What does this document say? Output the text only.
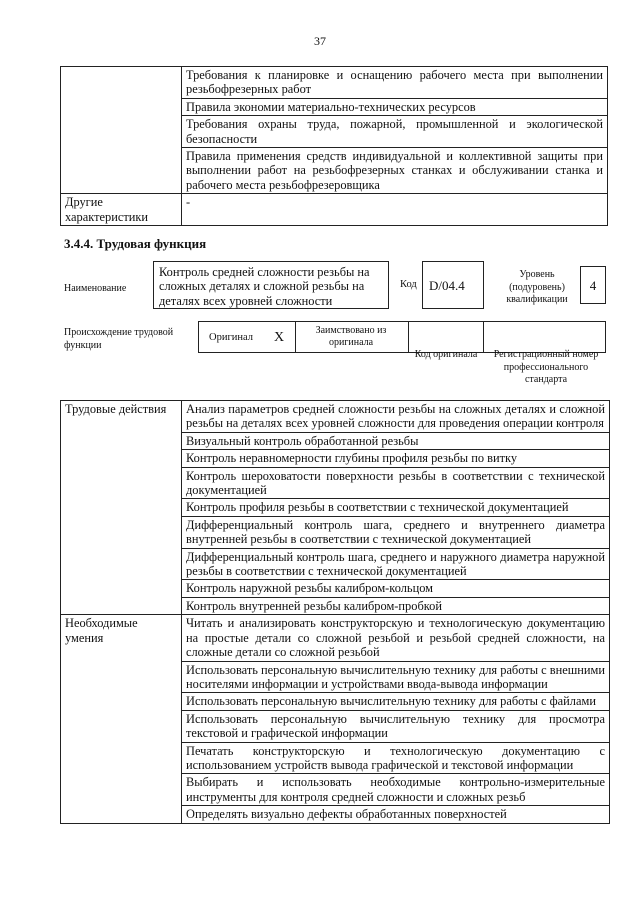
37
	Требования к планировке и оснащению рабочего места при выполнении резьбофрезерных работ
	Правила экономии материально-технических ресурсов
	Требования охраны труда, пожарной, промышленной и экологической безопасности
	Правила применения средств индивидуальной и коллективной защиты при выполнении работ на резьбофрезерных станках и обслуживании станка и рабочего места резьбофрезеровщика
Другие характеристики	-
3.4.4. Трудовая функция
Наименование
Контроль средней сложности резьбы на сложных деталях и сложной резьбы на деталях всех уровней сложности
Код D/04.4
Уровень (подуровень) квалификации
4
Происхождение трудовой функции
Оригинал X	Заимствовано из оригинала
Код оригинала	Регистрационный номер профессионального стандарта
Трудовые действия	Анализ параметров средней сложности резьбы на сложных деталях и сложной резьбы на деталях всех уровней сложности для проведения операции контроля
	Визуальный контроль обработанной резьбы
	Контроль неравномерности глубины профиля резьбы по витку
	Контроль шероховатости поверхности резьбы в соответствии с технической документацией
	Контроль профиля резьбы в соответствии с технической документацией
	Дифференциальный контроль шага, среднего и внутреннего диаметра внутренней резьбы в соответствии с технической документацией
	Дифференциальный контроль шага, среднего и наружного диаметра наружной резьбы в соответствии с технической документацией
	Контроль наружной резьбы калибром-кольцом
	Контроль внутренней резьбы калибром-пробкой
Необходимые умения	Читать и анализировать конструкторскую и технологическую документацию на простые детали со сложной резьбой и резьбой средней сложности, на сложные детали со сложной резьбой
	Использовать персональную вычислительную технику для работы с внешними носителями информации и устройствами ввода-вывода информации
	Использовать персональную вычислительную технику для работы с файлами
	Использовать персональную вычислительную технику для просмотра текстовой и графической информации
	Печатать конструкторскую и технологическую документацию с использованием устройств вывода графической и текстовой информации
	Выбирать и использовать необходимые контрольно-измерительные инструменты для контроля средней сложности и сложных резьб
	Определять визуально дефекты обработанных поверхностей
